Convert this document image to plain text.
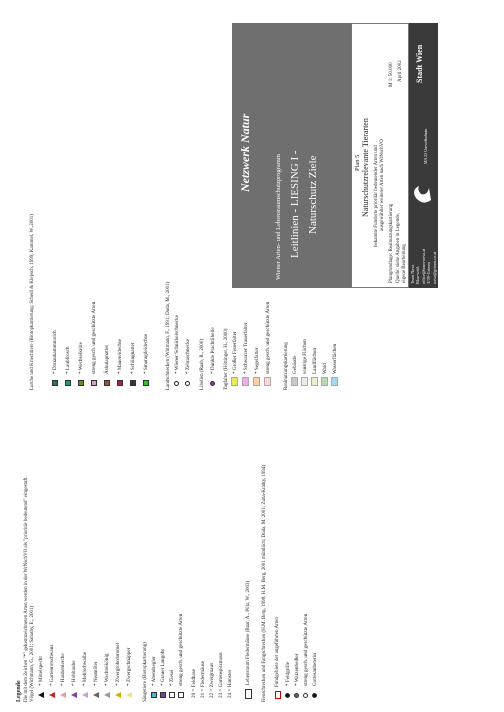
Legende Die mit dem Zeichen "*" gekennzeichneten Arten werden in der WrNschVO als "prioritär bedeutend" eingestuft. Vögel (Wichmann, G., 2001; Sabathy, E., 2001) * Mittelspecht * Gartenrotschwanz * Haubenlerche * Hohltaube * Mehlschwalbe * Neuntöter * Wachtelkönig * Zwergrohrdommel * Zwergschnäpper Säugetiere (Biotopkartierung) * Abendsegler * Grauer Langohr * Ziesel streng gesch. und geschützte Arten 20 = Feldhase 21 = Fledermäuse 22 = Zwergmaus 23 = Gartenspitzmaus 24 = Hamster	Lebensraum Fledermäuse (Baar, A., Pölz, W., 2003) Heuschrecken und Fangschrecken (H.M. Berg, 1998; H.M. Berg, 2001 mündlich; Duda, M. 2001; Zuna-Kratky, 1994) Fundgebiete der angeführten Arten * Feldgrille * Warzenbeißer streng gesch. und geschützte Arten Gottesanbeterin
Lurche und Kriechtiere (Biotopkartierung; Schedl & Klepsch, 1999; Kammel, W.,2001)	* Donaukammmolch * Laubfrosch * Wechselkröte streng gesch. und geschützte Arten Äskulapnatter * Mauereidechse * Schlingnatter * Smaragdeidechse	Landschnecken (Wittmann, F., 1991; Duda, M., 2001) * Wiener Schnirkelschnecke * Zebraschnecke Libellen (Raab, R., 2000) * Dunkle Prachtlibelle Tagfalter (Höttinger, H., 2000) * Großer Feuerfalter * Schwarzer Trauerfalter * Segelfalter streng gesch. und geschützte Arten	Realnutzungskartierung Gebäude sonstige Flächen Landflächen Wald Wasserflächen
Netzwerk Natur
Wiener Arten- und Lebensraumschutzprogramm Leitlinien - LIESING I - Naturschutz Ziele	Plan 5 Naturschutzrelevante Tierarten bekannte Fundorte prioritär bedeutender Arten und ausgewählter weiterer Arten nach WrNschVO
Plangrundlage: Realnutzungskartierung
M 1: 50.000
Quelle: siehe Angaben in Legende, eigene Bearbeitung
April 2002
Team Nova Blau-weiß office@team-nova.at T/TF Grimm nova@grimm.co.at
MA 22 Umweltschutz
Stadt Wien
